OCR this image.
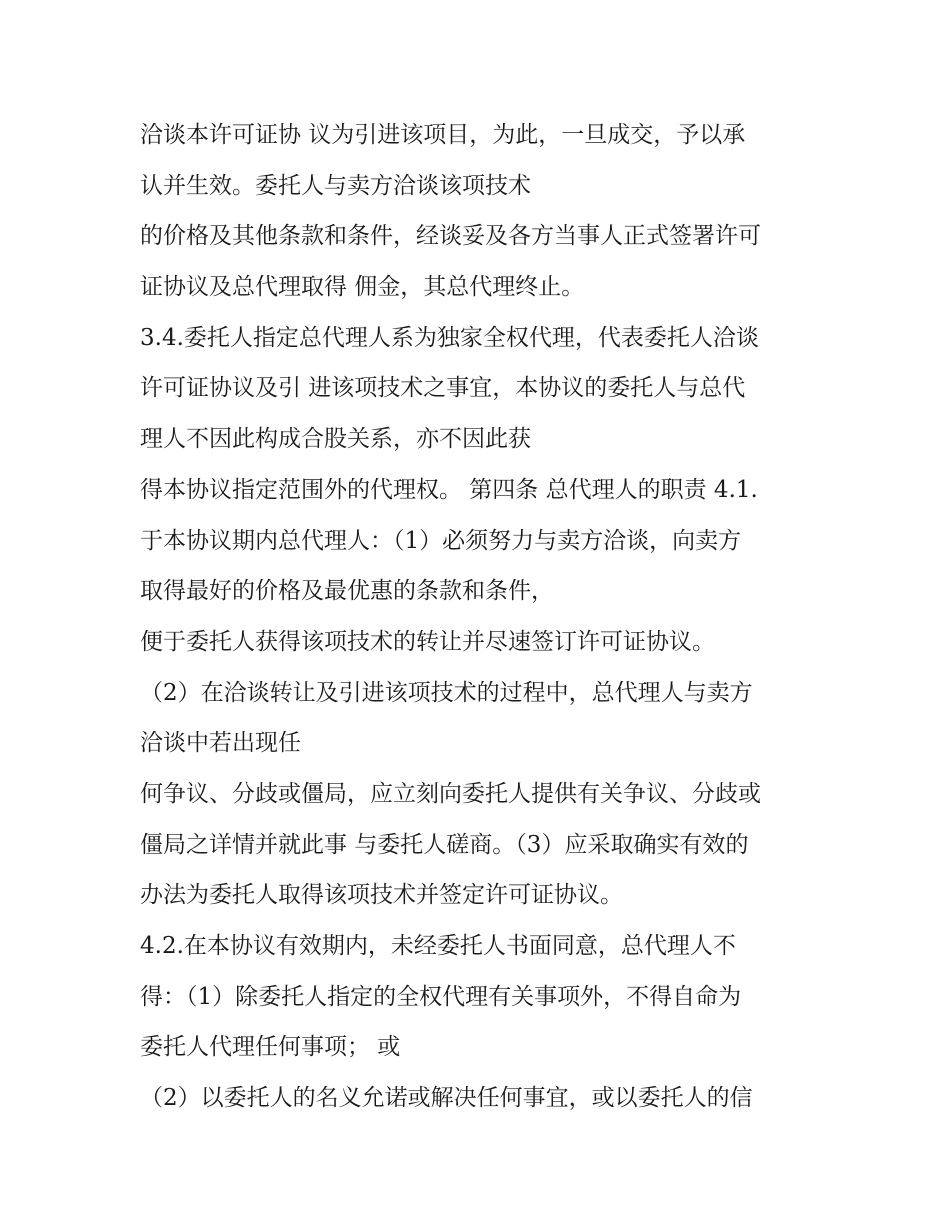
洽谈本许可证协 议为引进该项目，为此，一旦成交，予以承
认并生效。委托人与卖方洽谈该项技术
的价格及其他条款和条件，经谈妥及各方当事人正式签署许可
证协议及总代理取得 佣金，其总代理终止。
3.4.委托人指定总代理人系为独家全权代理，代表委托人洽谈
许可证协议及引 进该项技术之事宜，本协议的委托人与总代
理人不因此构成合股关系，亦不因此获
得本协议指定范围外的代理权。 第四条 总代理人的职责 4.1.
于本协议期内总代理人：（1）必须努力与卖方洽谈，向卖方
取得最好的价格及最优惠的条款和条件，
便于委托人获得该项技术的转让并尽速签订许可证协议。
（2）在洽谈转让及引进该项技术的过程中，总代理人与卖方
洽谈中若出现任
何争议、分歧或僵局，应立刻向委托人提供有关争议、分歧或
僵局之详情并就此事 与委托人磋商。（3）应采取确实有效的
办法为委托人取得该项技术并签定许可证协议。
4.2.在本协议有效期内，未经委托人书面同意，总代理人不
得：（1）除委托人指定的全权代理有关事项外，不得自命为
委托人代理任何事项； 或
（2）以委托人的名义允诺或解决任何事宜，或以委托人的信
